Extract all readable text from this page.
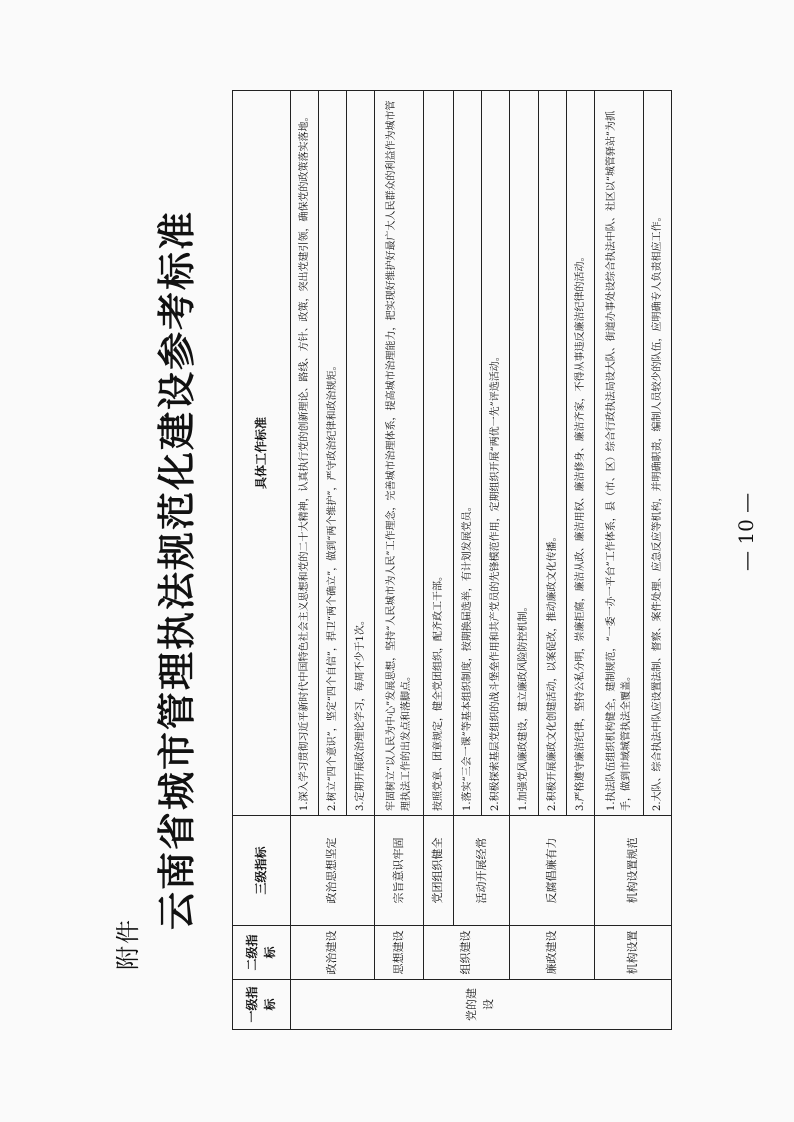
附件
云南省城市管理执法规范化建设参考标准	— 10 —
一级指标	二级指标	三级指标	具体工作标准
党的建设	政治建设	政治思想坚定	1.深入学习贯彻习近平新时代中国特色社会主义思想和党的二十大精神，认真执行党的创新理论、路线、方针、政策，突出党建引领，确保党的政策落实落地。
			2.树立“四个意识”，坚定“四个自信”，捍卫“两个确立”，做到“两个维护”，严守政治纪律和政治规矩。
			3.定期开展政治理论学习，每周不少于1次。
	思想建设	宗旨意识牢固	牢固树立“以人民为中心”发展思想，坚持“人民城市为人民”工作理念，完善城市治理体系，提高城市治理能力，把实现好维护好最广大人民群众的利益作为城市管理执法工作的出发点和落脚点。
	组织建设	党团组织健全	按照党章、团章规定，健全党团组织，配齐政工干部。
		活动开展经常	1.落实“三会一课”等基本组织制度，按期换届选举，有计划发展党员。
			2.积极探索基层党组织的战斗堡垒作用和共产党员的先锋模范作用，定期组织开展“两优一先”评选活动。
	廉政建设	反腐倡廉有力	1.加强党风廉政建设，建立廉政风险防控机制。
			2.积极开展廉政文化创建活动，以案促改，推动廉政文化传播。
			3.严格遵守廉洁纪律，坚持公私分明，崇廉拒腐，廉洁从政、廉洁用权、廉洁修身、廉洁齐家，不得从事违反廉洁纪律的活动。
	机构设置	机构设置规范	1.执法队伍组织机构健全，建制规范，“一委一办一平台”工作体系，县（市、区）综合行政执法局设大队、街道办事处设综合执法中队、社区以“城管驿站”为抓手，做到市域城管执法全覆盖。
			2.大队、综合执法中队应设置法制、督察、案件处理、应急反应等机构，并明确职责，编制人员较少的队伍，应明确专人负责相应工作。
